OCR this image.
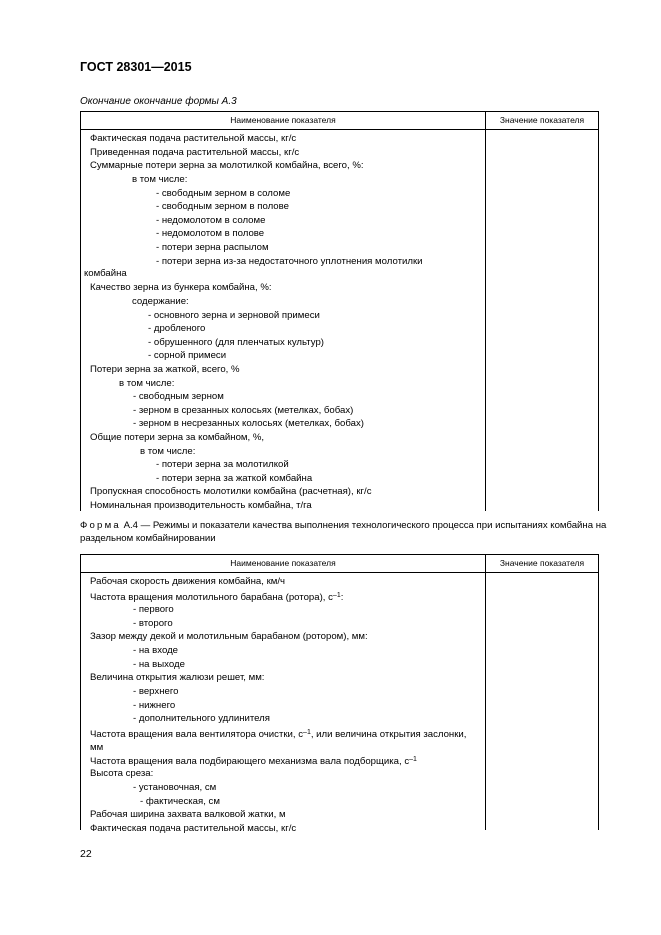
ГОСТ 28301—2015
Окончание окончание формы А.3
Наименование показателя	Значение показателя
Фактическая подача растительной массы, кг/с
Приведенная подача растительной массы, кг/с
Суммарные потери зерна за молотилкой комбайна, всего, %:
в том числе:
- свободным зерном в соломе
- свободным зерном в полове
- недомолотом в соломе
- недомолотом в полове
- потери зерна распылом
- потери зерна из-за недостаточного уплотнения молотилки
комбайна
Качество зерна из бункера комбайна, %:
содержание:
- основного зерна и зерновой примеси
- дробленого
- обрушенного (для пленчатых культур)
- сорной примеси
Потери зерна за жаткой, всего, %
в том числе:
- свободным зерном
- зерном в срезанных колосьях (метелках, бобах)
- зерном в несрезанных колосьях (метелках, бобах)
Общие потери зерна за комбайном, %,
в том числе:
- потери зерна за молотилкой
- потери зерна за жаткой комбайна
Пропускная способность молотилки комбайна (расчетная), кг/с
Номинальная производительность комбайна, т/га
Форма А.4 — Режимы и показатели качества выполнения технологического процесса при испытаниях комбайна на раздельном комбайнировании
Наименование показателя	Значение показателя
Рабочая скорость движения комбайна, км/ч
Частота вращения молотильного барабана (ротора), $с^{-1}$:
- первого
- второго
Зазор между декой и молотильным барабаном (ротором), мм:
- на входе
- на выходе
Величина открытия жалюзи решет, мм:
- верхнего
- нижнего
- дополнительного удлинителя
Частота вращения вала вентилятора очистки, $с^{-1}$, или величина открытия заслонки, мм
Частота вращения вала подбирающего механизма вала подборщика, $с^{-1}$
Высота среза:
- установочная, см
- фактическая, см
Рабочая ширина захвата валковой жатки, м
Фактическая подача растительной массы, кг/с
22
